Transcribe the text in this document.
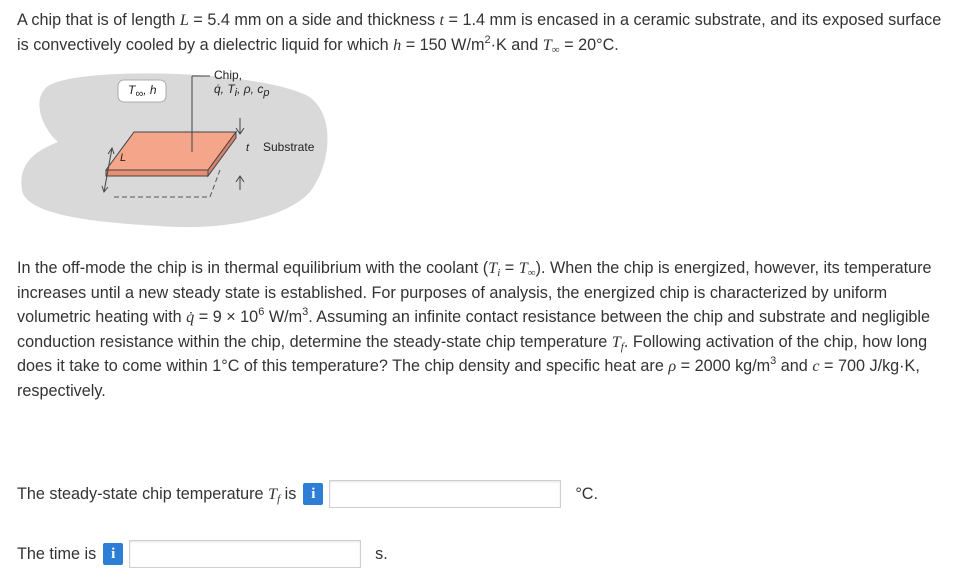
A chip that is of length L = 5.4 mm on a side and thickness t = 1.4 mm is encased in a ceramic substrate, and its exposed surface is convectively cooled by a dielectric liquid for which h = 150 $W/m^2\cdot K$ and $T_\infty = 20^\circ C$.

Chip,
q̇, $T_i$, ρ, $c_p$
$T_\infty$, h
Substrate
t
L

In the off-mode the chip is in thermal equilibrium with the coolant $(T_i = T_\infty)$. When the chip is energized, however, its temperature increases until a new steady state is established. For purposes of analysis, the energized chip is characterized by uniform volumetric heating with q̇ = $9 \times 10^6$ $W/m^3$. Assuming an infinite contact resistance between the chip and substrate and negligible conduction resistance within the chip, determine the steady-state chip temperature $T_f$. Following activation of the chip, how long does it take to come within 1°C of this temperature? The chip density and specific heat are ρ = 2000 $kg/m^3$ and c = 700 J/kg·K, respectively.

The steady-state chip temperature $T_f$ is i	°C.
The time is i	s.
